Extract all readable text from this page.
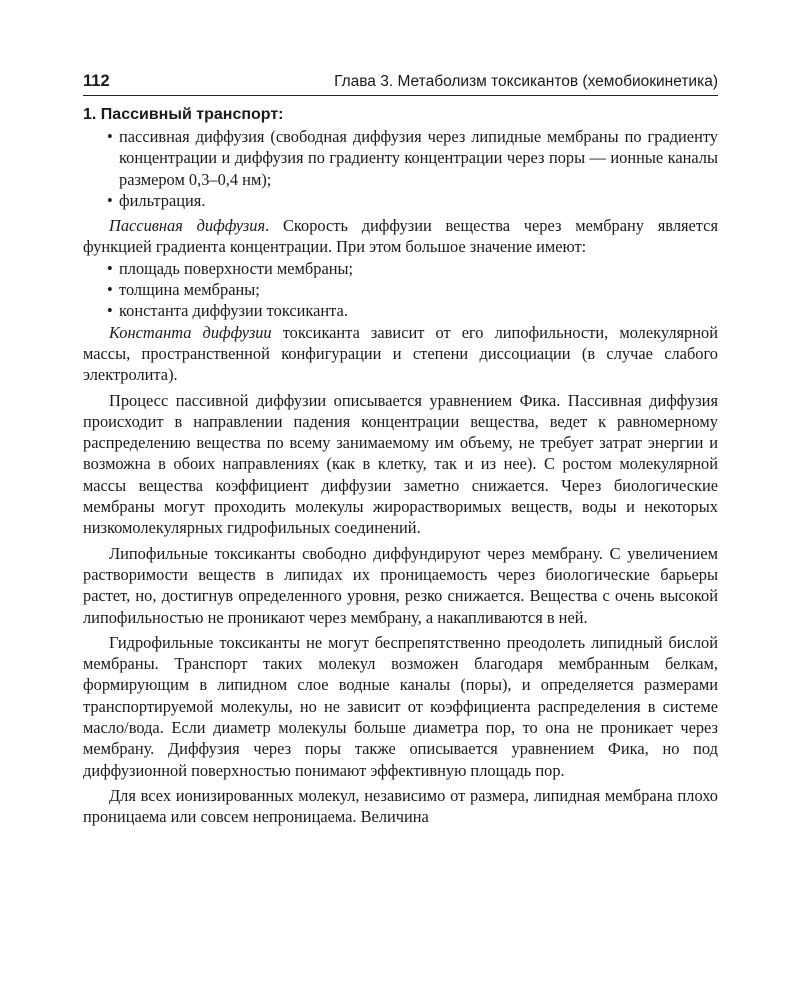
112	Глава 3. Метаболизм токсикантов (хемобиокинетика)
1. Пассивный транспорт:
• пассивная диффузия (свободная диффузия через липидные мембраны по градиенту концентрации и диффузия по градиенту концентрации через поры — ионные каналы размером 0,3–0,4 нм);
• фильтрация.

Пассивная диффузия. Скорость диффузии вещества через мембрану является функцией градиента концентрации. При этом большое значение имеют:

• площадь поверхности мембраны;
• толщина мембраны;
• константа диффузии токсиканта.

Константа диффузии токсиканта зависит от его липофильности, молекулярной массы, пространственной конфигурации и степени диссоциации (в случае слабого электролита).

Процесс пассивной диффузии описывается уравнением Фика. Пассивная диффузия происходит в направлении падения концентрации вещества, ведет к равномерному распределению вещества по всему занимаемому им объему, не требует затрат энергии и возможна в обоих направлениях (как в клетку, так и из нее). С ростом молекулярной массы вещества коэффициент диффузии заметно снижается. Через биологические мембраны могут проходить молекулы жирорастворимых веществ, воды и некоторых низкомолекулярных гидрофильных соединений.

Липофильные токсиканты свободно диффундируют через мембрану. С увеличением растворимости веществ в липидах их проницаемость через биологические барьеры растет, но, достигнув определенного уровня, резко снижается. Вещества с очень высокой липофильностью не проникают через мембрану, а накапливаются в ней.

Гидрофильные токсиканты не могут беспрепятственно преодолеть липидный бислой мембраны. Транспорт таких молекул возможен благодаря мембранным белкам, формирующим в липидном слое водные каналы (поры), и определяется размерами транспортируемой молекулы, но не зависит от коэффициента распределения в системе масло/вода. Если диаметр молекулы больше диаметра пор, то она не проникает через мембрану. Диффузия через поры также описывается уравнением Фика, но под диффузионной поверхностью понимают эффективную площадь пор.

Для всех ионизированных молекул, независимо от размера, липидная мембрана плохо проницаема или совсем непроницаема. Величина
